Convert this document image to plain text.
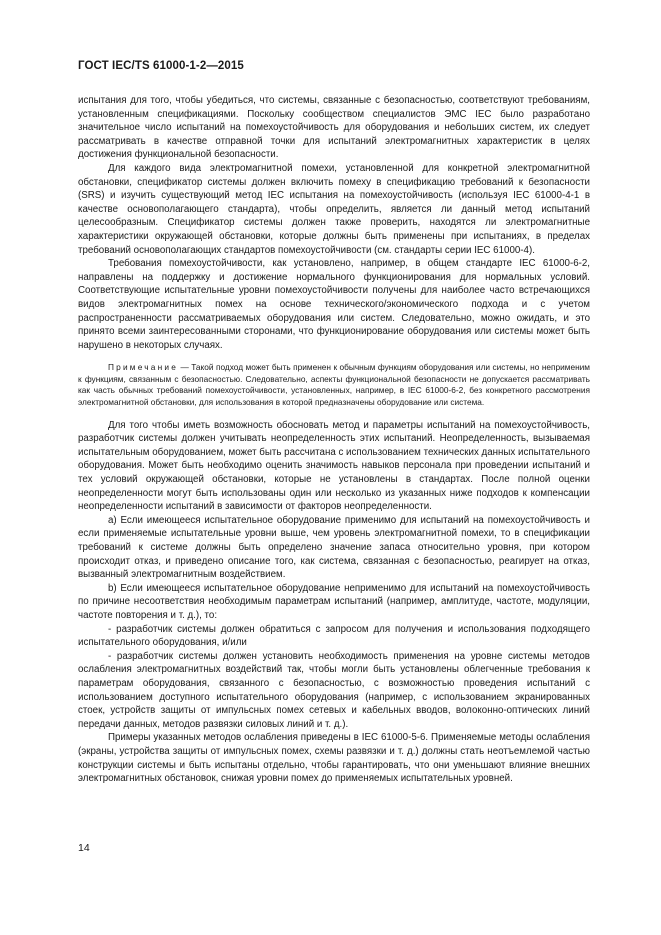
ГОСТ IEC/TS 61000-1-2—2015

испытания для того, чтобы убедиться, что системы, связанные с безопасностью, соответствуют требованиям, установленным спецификациями. Поскольку сообществом специалистов ЭМС IEC было разработано значительное число испытаний на помехоустойчивость для оборудования и небольших систем, их следует рассматривать в качестве отправной точки для испытаний электромагнитных характеристик в целях достижения функциональной безопасности.

Для каждого вида электромагнитной помехи, установленной для конкретной электромагнитной обстановки, спецификатор системы должен включить помеху в спецификацию требований к безопасности (SRS) и изучить существующий метод IEC испытания на помехоустойчивость (используя IEC 61000-4-1 в качестве основополагающего стандарта), чтобы определить, является ли данный метод испытаний целесообразным. Спецификатор системы должен также проверить, находятся ли электромагнитные характеристики окружающей обстановки, которые должны быть применены при испытаниях, в пределах требований основополагающих стандартов помехоустойчивости (см. стандарты серии IEC 61000-4).

Требования помехоустойчивости, как установлено, например, в общем стандарте IEC 61000-6-2, направлены на поддержку и достижение нормального функционирования для нормальных условий. Соответствующие испытательные уровни помехоустойчивости получены для наиболее часто встречающихся видов электромагнитных помех на основе технического/экономического подхода и с учетом распространенности рассматриваемых оборудования или систем. Следовательно, можно ожидать, и это принято всеми заинтересованными сторонами, что функционирование оборудования или системы может быть нарушено в некоторых случаях.

Примечание — Такой подход может быть применен к обычным функциям оборудования или системы, но неприменим к функциям, связанным с безопасностью. Следовательно, аспекты функциональной безопасности не допускается рассматривать как часть обычных требований помехоустойчивости, установленных, например, в IEC 61000-6-2, без конкретного рассмотрения электромагнитной обстановки, для использования в которой предназначены оборудование или система.

Для того чтобы иметь возможность обосновать метод и параметры испытаний на помехоустойчивость, разработчик системы должен учитывать неопределенность этих испытаний. Неопределенность, вызываемая испытательным оборудованием, может быть рассчитана с использованием технических данных испытательного оборудования. Может быть необходимо оценить значимость навыков персонала при проведении испытаний и тех условий окружающей обстановки, которые не установлены в стандартах. После полной оценки неопределенности могут быть использованы один или несколько из указанных ниже подходов к компенсации неопределенности испытаний в зависимости от факторов неопределенности.

a) Если имеющееся испытательное оборудование применимо для испытаний на помехоустойчивость и если применяемые испытательные уровни выше, чем уровень электромагнитной помехи, то в спецификации требований к системе должны быть определено значение запаса относительно уровня, при котором происходит отказ, и приведено описание того, как система, связанная с безопасностью, реагирует на отказ, вызванный электромагнитным воздействием.

b) Если имеющееся испытательное оборудование неприменимо для испытаний на помехоустойчивость по причине несоответствия необходимым параметрам испытаний (например, амплитуде, частоте, модуляции, частоте повторения и т. д.), то:

- разработчик системы должен обратиться с запросом для получения и использования подходящего испытательного оборудования, и/или

- разработчик системы должен установить необходимость применения на уровне системы методов ослабления электромагнитных воздействий так, чтобы могли быть установлены облегченные требования к параметрам оборудования, связанного с безопасностью, с возможностью проведения испытаний с использованием доступного испытательного оборудования (например, с использованием экранированных стоек, устройств защиты от импульсных помех сетевых и кабельных вводов, волоконно-оптических линий передачи данных, методов развязки силовых линий и т. д.).

Примеры указанных методов ослабления приведены в IEC 61000-5-6. Применяемые методы ослабления (экраны, устройства защиты от импульсных помех, схемы развязки и т. д.) должны стать неотъемлемой частью конструкции системы и быть испытаны отдельно, чтобы гарантировать, что они уменьшают влияние внешних электромагнитных обстановок, снижая уровни помех до применяемых испытательных уровней.

14
